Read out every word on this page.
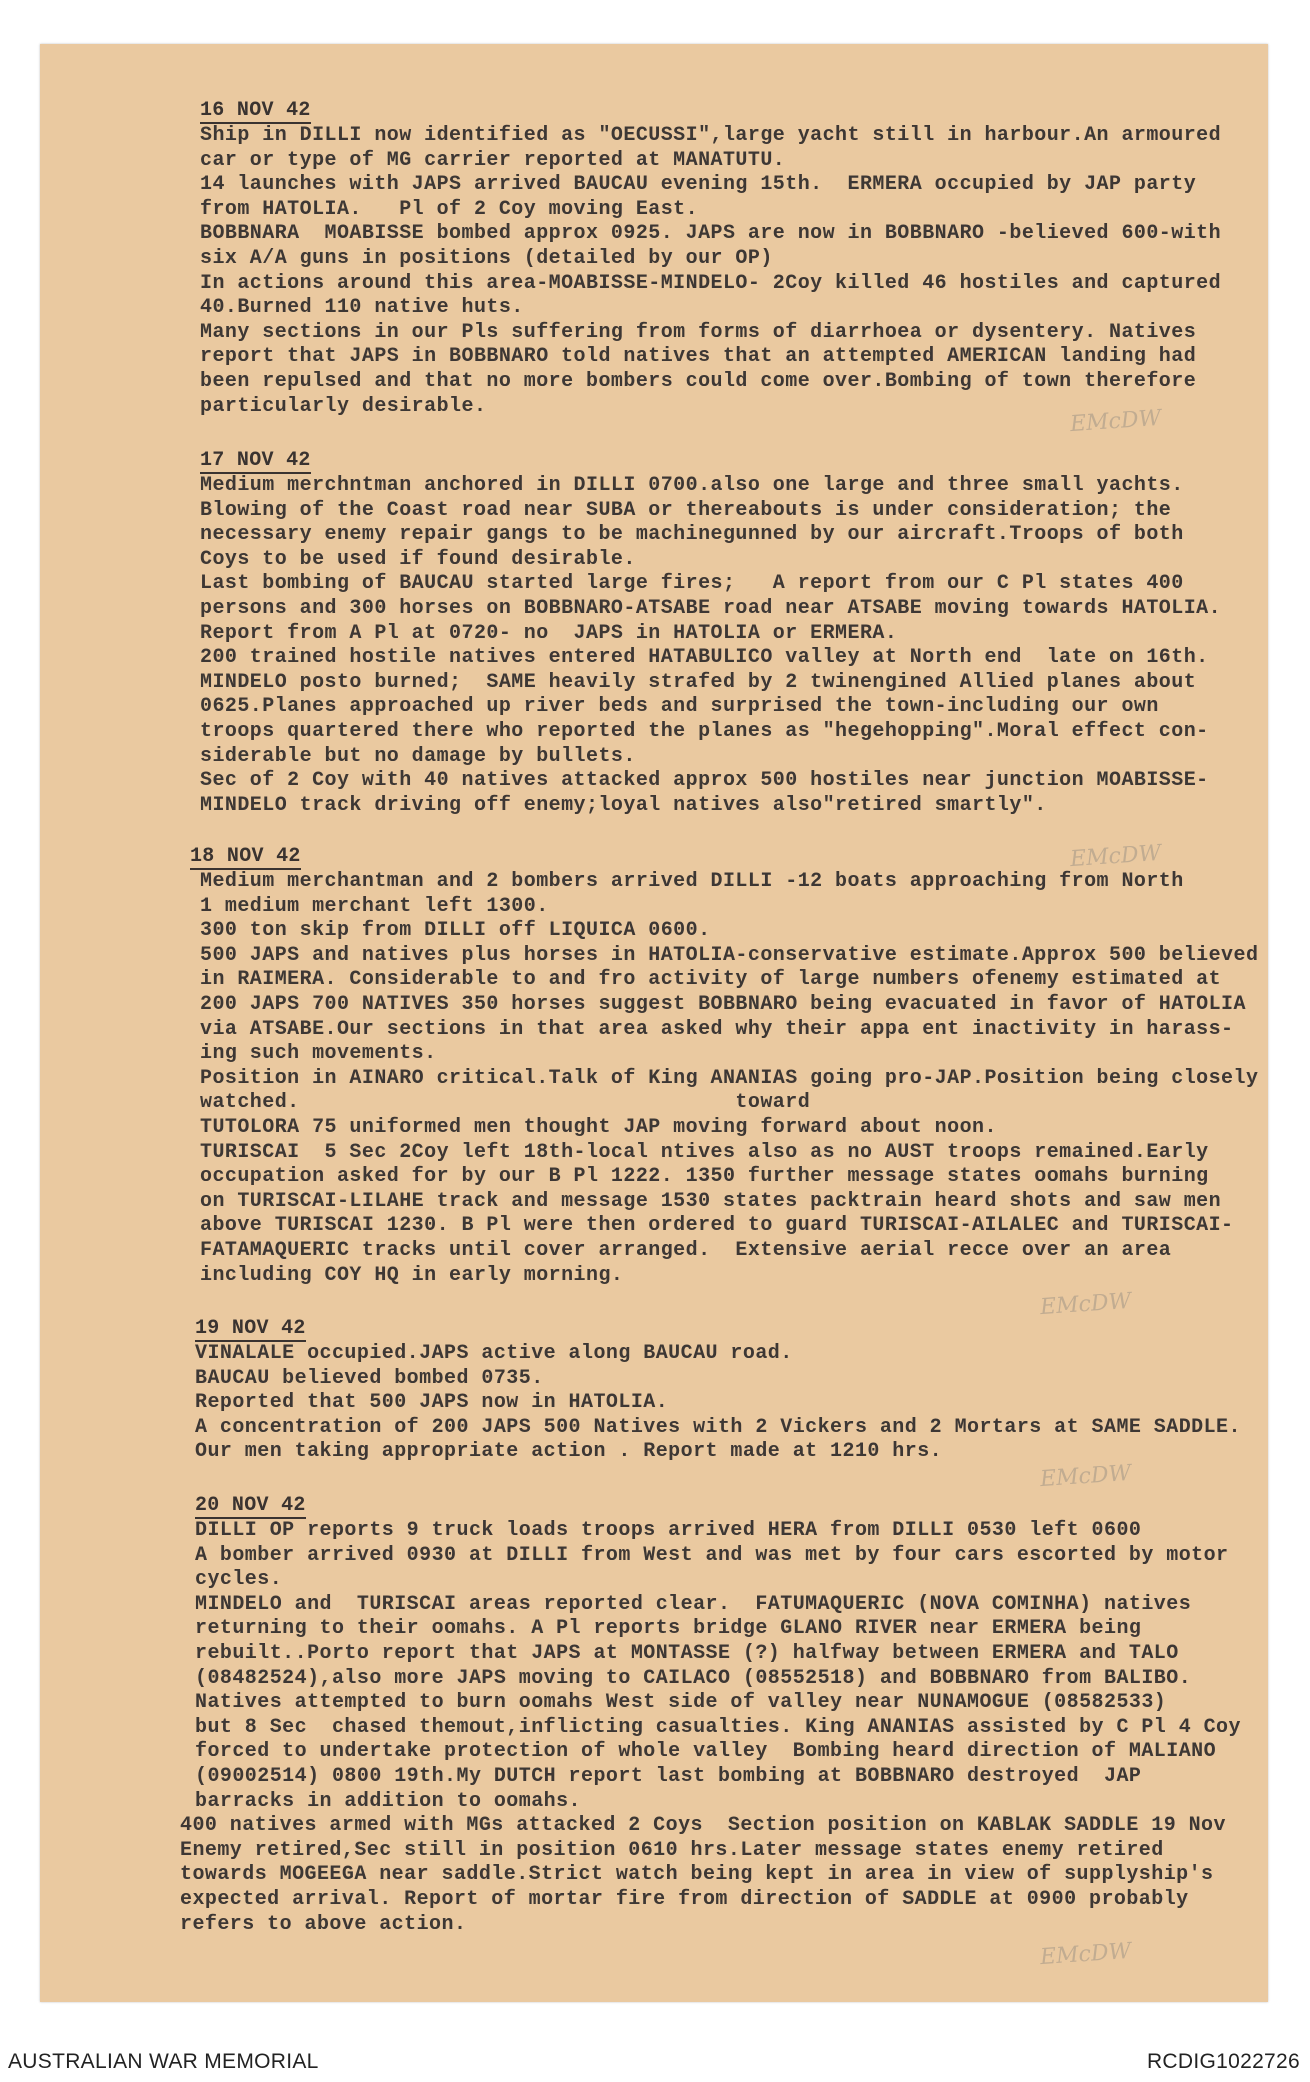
16 NOV 42
Ship in DILLI now identified as "OECUSSI",large yacht still in harbour.An armoured
car or type of MG carrier reported at MANATUTU.
14 launches with JAPS arrived BAUCAU evening 15th.  ERMERA occupied by JAP party
from HATOLIA.   Pl of 2 Coy moving East.
BOBBNARA  MOABISSE bombed approx 0925. JAPS are now in BOBBNARO -believed 600-with
six A/A guns in positions (detailed by our OP)
In actions around this area-MOABISSE-MINDELO- 2Coy killed 46 hostiles and captured
40.Burned 110 native huts.
Many sections in our Pls suffering from forms of diarrhoea or dysentery. Natives
report that JAPS in BOBBNARO told natives that an attempted AMERICAN landing had
been repulsed and that no more bombers could come over.Bombing of town therefore
particularly desirable.
17 NOV 42
Medium merchntman anchored in DILLI 0700.also one large and three small yachts.
Blowing of the Coast road near SUBA or thereabouts is under consideration; the
necessary enemy repair gangs to be machinegunned by our aircraft.Troops of both
Coys to be used if found desirable.
Last bombing of BAUCAU started large fires;   A report from our C Pl states 400
persons and 300 horses on BOBBNARO-ATSABE road near ATSABE moving towards HATOLIA.
Report from A Pl at 0720- no  JAPS in HATOLIA or ERMERA.
200 trained hostile natives entered HATABULICO valley at North end  late on 16th.
MINDELO posto burned;  SAME heavily strafed by 2 twinengined Allied planes about
0625.Planes approached up river beds and surprised the town-including our own
troops quartered there who reported the planes as "hegehopping".Moral effect con-
siderable but no damage by bullets.
Sec of 2 Coy with 40 natives attacked approx 500 hostiles near junction MOABISSE-
MINDELO track driving off enemy;loyal natives also"retired smartly".
18 NOV 42
Medium merchantman and 2 bombers arrived DILLI -12 boats approaching from North
1 medium merchant left 1300.
300 ton skip from DILLI off LIQUICA 0600.
500 JAPS and natives plus horses in HATOLIA-conservative estimate.Approx 500 believed
in RAIMERA. Considerable to and fro activity of large numbers ofenemy estimated at
200 JAPS 700 NATIVES 350 horses suggest BOBBNARO being evacuated in favor of HATOLIA
via ATSABE.Our sections in that area asked why their appa ent inactivity in harass-
ing such movements.
Position in AINARO critical.Talk of King ANANIAS going pro-JAP.Position being closely
watched.                                   toward
TUTOLORA 75 uniformed men thought JAP moving forward about noon.
TURISCAI  5 Sec 2Coy left 18th-local ntives also as no AUST troops remained.Early
occupation asked for by our B Pl 1222. 1350 further message states oomahs burning
on TURISCAI-LILAHE track and message 1530 states packtrain heard shots and saw men
above TURISCAI 1230. B Pl were then ordered to guard TURISCAI-AILALEC and TURISCAI-
FATAMAQUERIC tracks until cover arranged.  Extensive aerial recce over an area
including COY HQ in early morning.
19 NOV 42
VINALALE occupied.JAPS active along BAUCAU road.
BAUCAU believed bombed 0735.
Reported that 500 JAPS now in HATOLIA.
A concentration of 200 JAPS 500 Natives with 2 Vickers and 2 Mortars at SAME SADDLE.
Our men taking appropriate action . Report made at 1210 hrs.
20 NOV 42
DILLI OP reports 9 truck loads troops arrived HERA from DILLI 0530 left 0600
A bomber arrived 0930 at DILLI from West and was met by four cars escorted by motor
cycles.
MINDELO and  TURISCAI areas reported clear.  FATUMAQUERIC (NOVA COMINHA) natives
returning to their oomahs. A Pl reports bridge GLANO RIVER near ERMERA being
rebuilt..Porto report that JAPS at MONTASSE (?) halfway between ERMERA and TALO
(08482524),also more JAPS moving to CAILACO (08552518) and BOBBNARO from BALIBO.
Natives attempted to burn oomahs West side of valley near NUNAMOGUE (08582533)
but 8 Sec  chased themout,inflicting casualties. King ANANIAS assisted by C Pl 4 Coy
forced to undertake protection of whole valley  Bombing heard direction of MALIANO
(09002514) 0800 19th.My DUTCH report last bombing at BOBBNARO destroyed  JAP
barracks in addition to oomahs.
400 natives armed with MGs attacked 2 Coys  Section position on KABLAK SADDLE 19 Nov
Enemy retired,Sec still in position 0610 hrs.Later message states enemy retired
towards MOGEEGA near saddle.Strict watch being kept in area in view of supplyship's
expected arrival. Report of mortar fire from direction of SADDLE at 0900 probably
refers to above action.
EMcDW
EMcDW
EMcDW
EMcDW
EMcDW
AUSTRALIAN WAR MEMORIAL	RCDIG1022726
